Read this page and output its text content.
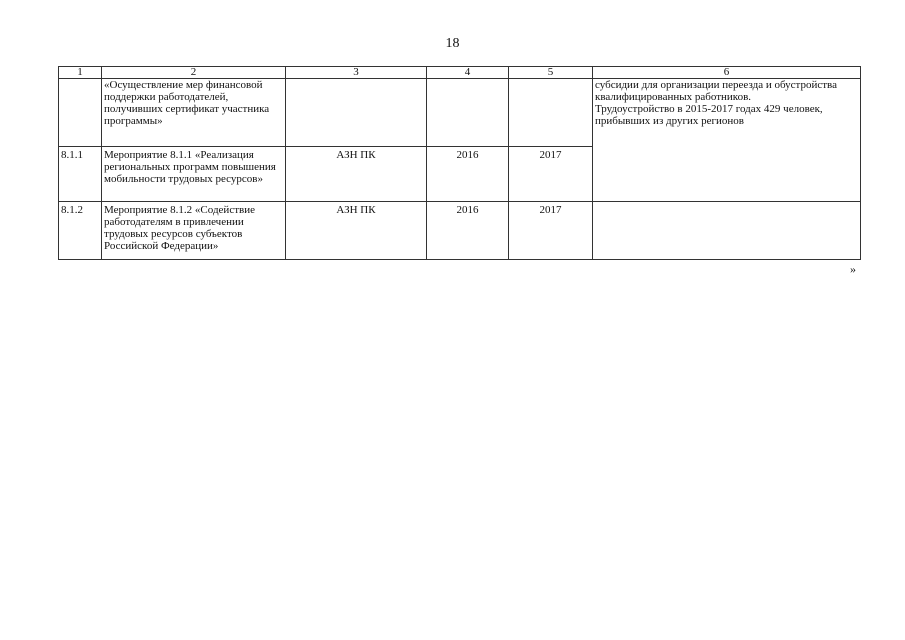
18
1	2	3	4	5	6
	«Осуществление мер финансовой поддержки работодателей, получивших сертификат участника программы»				субсидии для организации переезда и обустройства квалифицированных работников.
Трудоустройство в 2015-2017 годах 429 человек, прибывших из других регионов

8.1.1	Мероприятие 8.1.1 «Реализация региональных программ повышения мобильности трудовых ресурсов»	АЗН ПК	2016	2017	
8.1.2	Мероприятие 8.1.2 «Содействие работодателям в привлечении трудовых ресурсов субъектов Российской Федерации»	АЗН ПК	2016	2017	
»
